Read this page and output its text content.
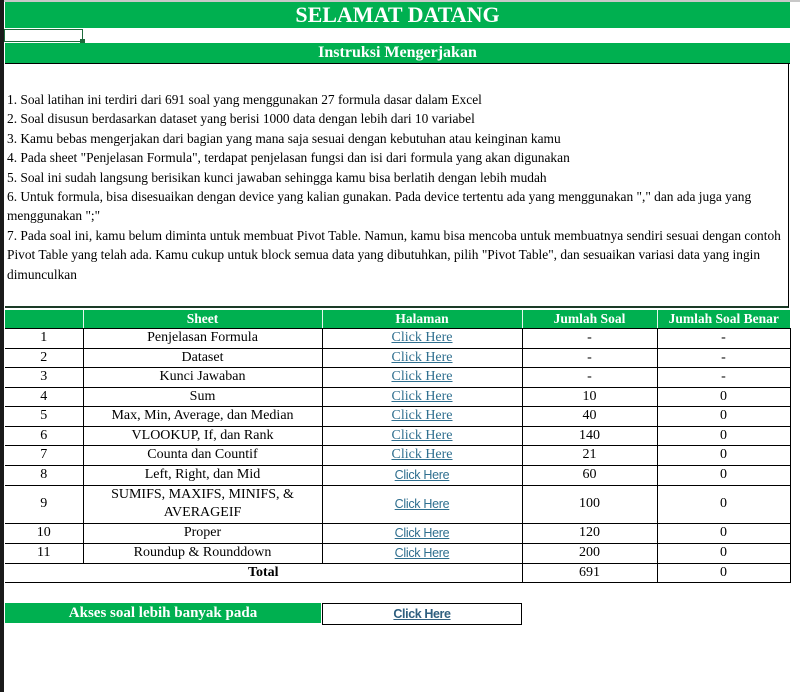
SELAMAT DATANG
Instruksi Mengerjakan

1. Soal latihan ini terdiri dari 691 soal yang menggunakan 27 formula dasar dalam Excel

2. Soal disusun berdasarkan dataset yang berisi 1000 data dengan lebih dari 10 variabel

3. Kamu bebas mengerjakan dari bagian yang mana saja sesuai dengan kebutuhan atau keinginan kamu

4. Pada sheet "Penjelasan Formula", terdapat penjelasan fungsi dan isi dari formula yang akan digunakan

5. Soal ini sudah langsung berisikan kunci jawaban sehingga kamu bisa berlatih dengan lebih mudah

6. Untuk formula, bisa disesuaikan dengan device yang kalian gunakan. Pada device tertentu ada yang menggunakan "," dan ada juga yang menggunakan ";"

7. Pada soal ini, kamu belum diminta untuk membuat Pivot Table. Namun, kamu bisa mencoba untuk membuatnya sendiri sesuai dengan contoh Pivot Table yang telah ada. Kamu cukup untuk block semua data yang dibutuhkan, pilih "Pivot Table", dan sesuaikan variasi data yang ingin dimunculkan

	Sheet	Halaman	Jumlah Soal	Jumlah Soal Benar
1	Penjelasan Formula	Click Here	-	-
2	Dataset	Click Here	-	-
3	Kunci Jawaban	Click Here	-	-
4	Sum	Click Here	10	0
5	Max, Min, Average, dan Median	Click Here	40	0
6	VLOOKUP, If, dan Rank	Click Here	140	0
7	Counta dan Countif	Click Here	21	0
8	Left, Right, dan Mid	Click Here	60	0
9	SUMIFS, MAXIFS, MINIFS, & AVERAGEIF	Click Here	100	0
10	Proper	Click Here	120	0
11	Roundup & Rounddown	Click Here	200	0
Total			691	0
Akses soal lebih banyak pada	Click Here
